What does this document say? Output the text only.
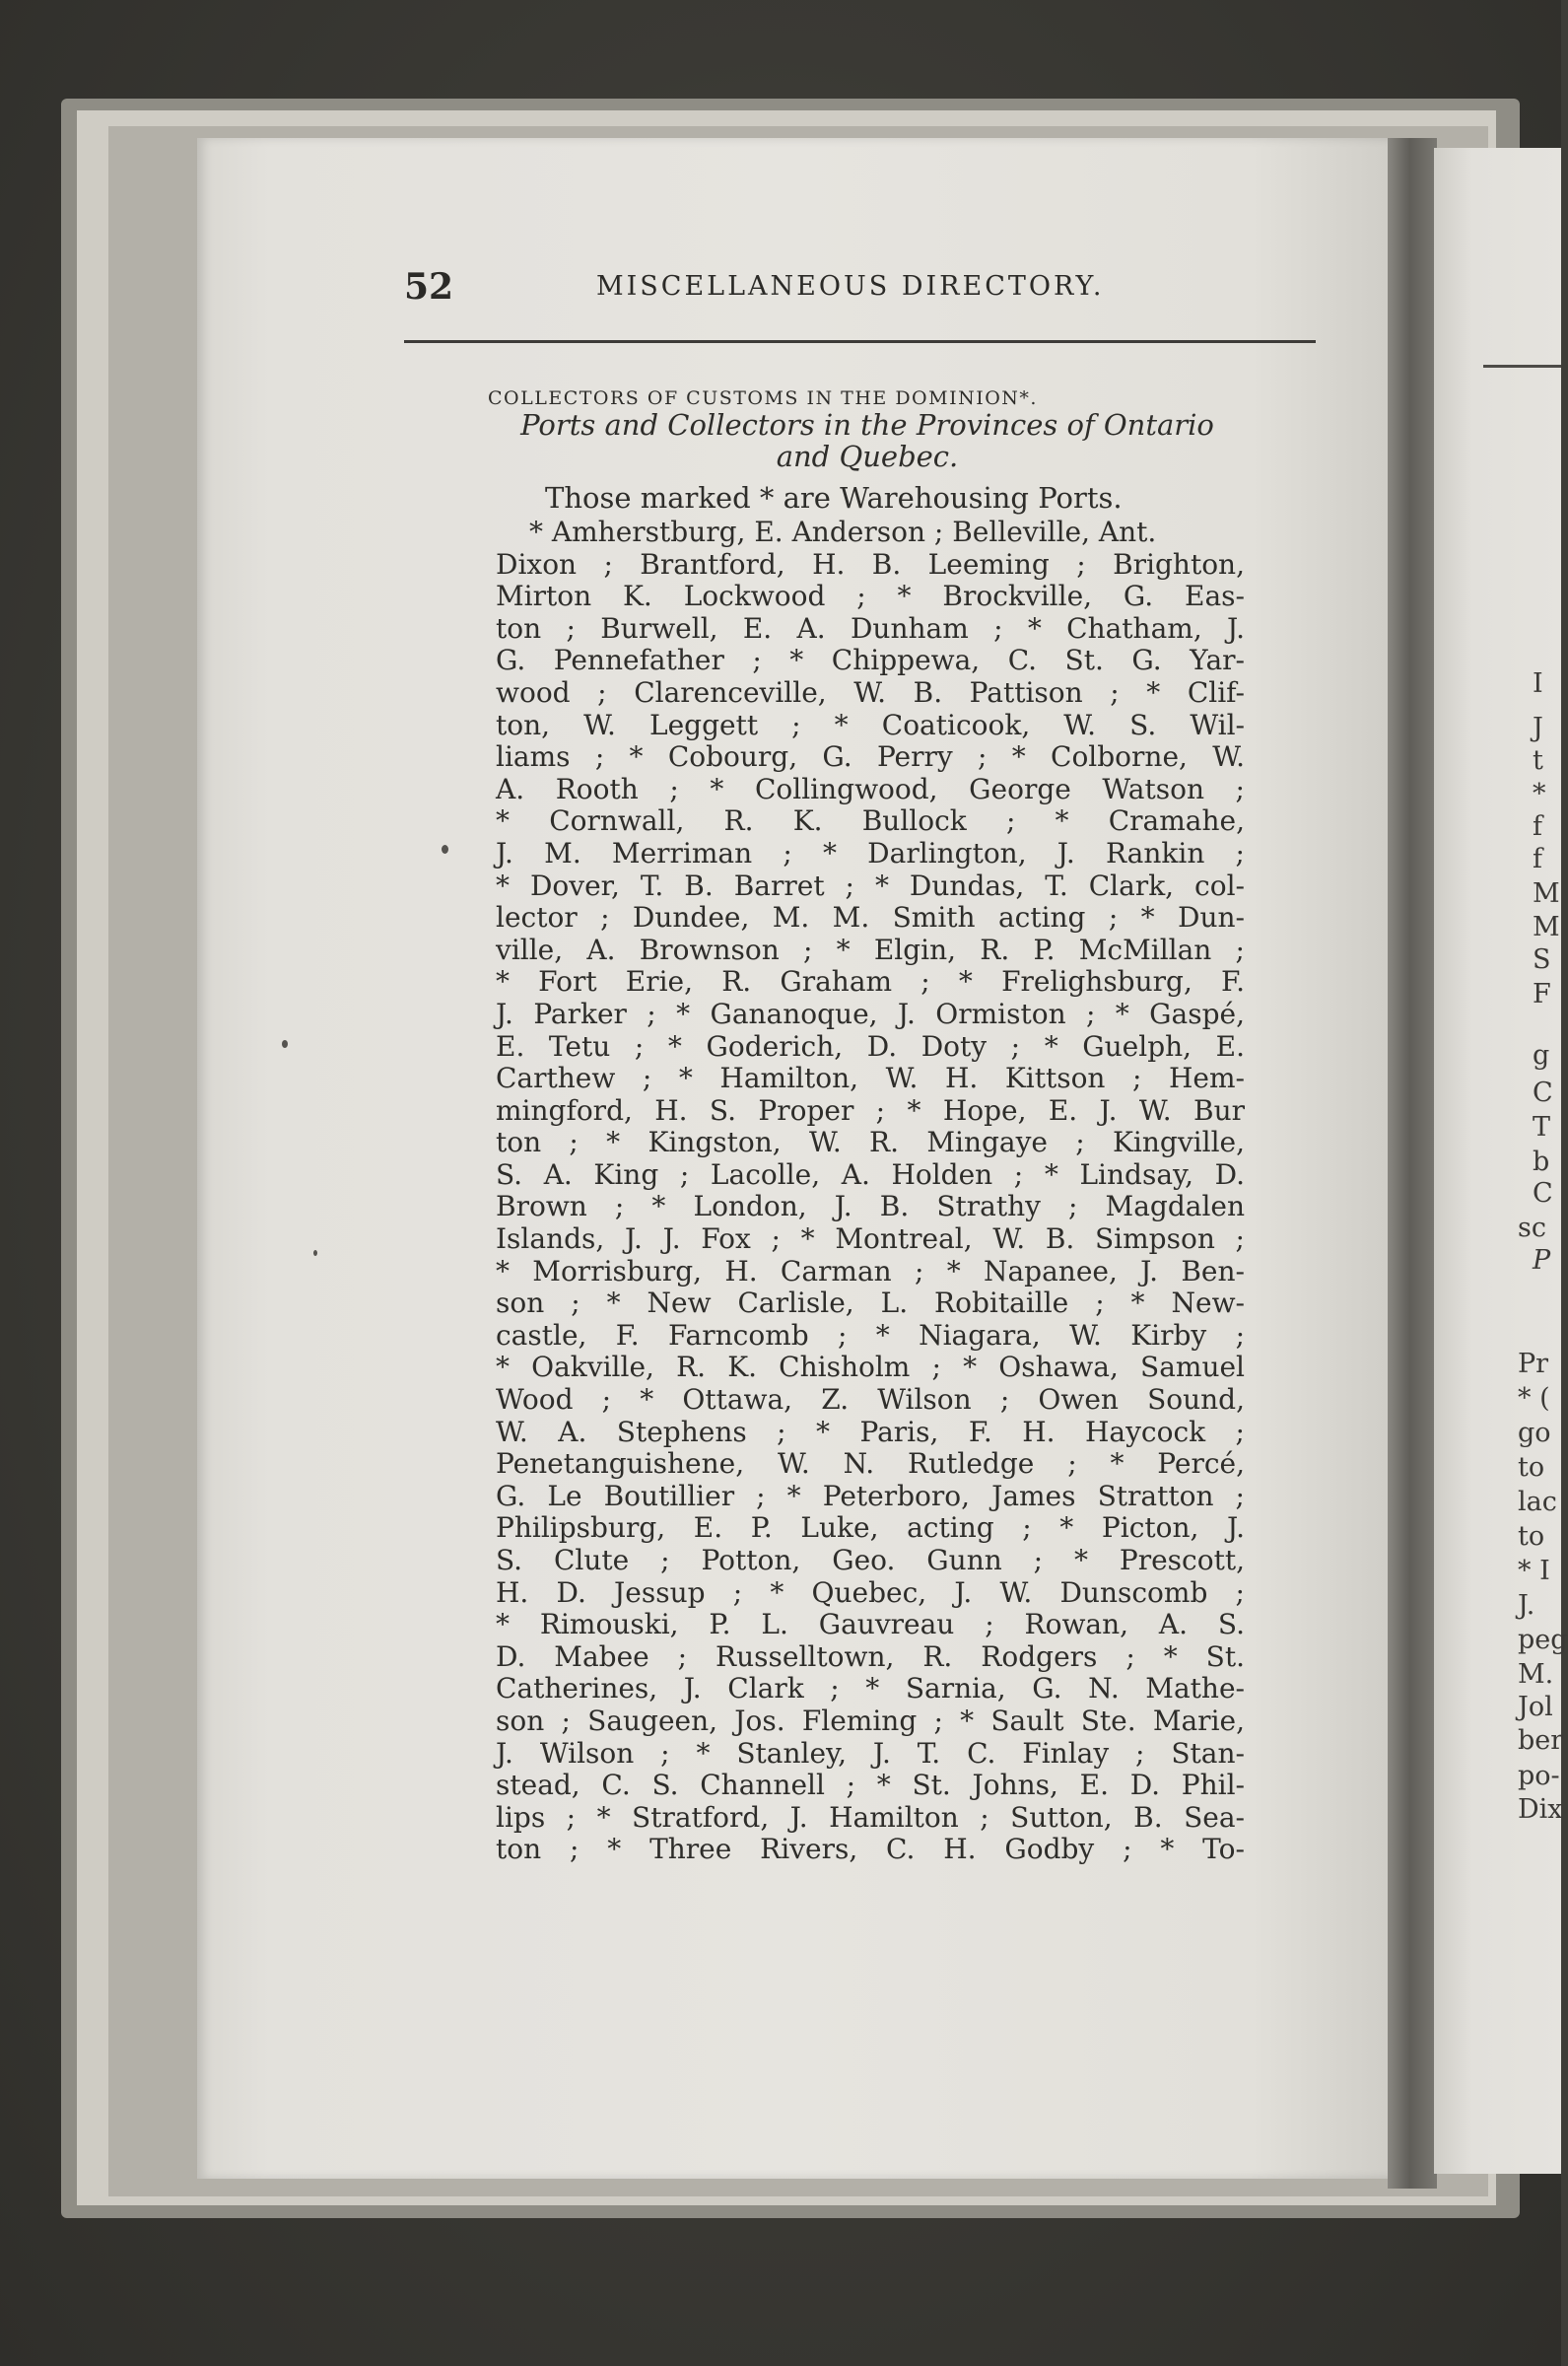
I
J
t
*
f
f
M
M
S
F
g
C
T
b
C
sc
P
Pr
* (
go
to
lac
to
* I
J.
peg
M.
Jol
ber
po-
Dix
52	MISCELLANEOUS DIRECTORY.
COLLECTORS OF CUSTOMS IN THE DOMINION*.
Ports and Collectors in the Provinces of Ontario
and Quebec.
Those marked * are Warehousing Ports.
* Amherstburg, E. Anderson ; Belleville, Ant.
Dixon ; Brantford, H. B. Leeming ; Brighton,
Mirton K. Lockwood ; * Brockville, G. Eas-
ton ; Burwell, E. A. Dunham ; * Chatham, J.
G. Pennefather ; * Chippewa, C. St. G. Yar-
wood ; Clarenceville, W. B. Pattison ; * Clif-
ton, W. Leggett ; * Coaticook, W. S. Wil-
liams ; * Cobourg, G. Perry ; * Colborne, W.
A. Rooth ; * Collingwood, George Watson ;
* Cornwall, R. K. Bullock ; * Cramahe,
J. M. Merriman ; * Darlington, J. Rankin ;
* Dover, T. B. Barret ; * Dundas, T. Clark, col-
lector ; Dundee, M. M. Smith acting ; * Dun-
ville, A. Brownson ; * Elgin, R. P. McMillan ;
* Fort Erie, R. Graham ; * Frelighsburg, F.
J. Parker ; * Gananoque, J. Ormiston ; * Gaspé,
E. Tetu ; * Goderich, D. Doty ; * Guelph, E.
Carthew ; * Hamilton, W. H. Kittson ; Hem-
mingford, H. S. Proper ; * Hope, E. J. W. Bur
ton ; * Kingston, W. R. Mingaye ; Kingville,
S. A. King ; Lacolle, A. Holden ; * Lindsay, D.
Brown ; * London, J. B. Strathy ; Magdalen
Islands, J. J. Fox ; * Montreal, W. B. Simpson ;
* Morrisburg, H. Carman ; * Napanee, J. Ben-
son ; * New Carlisle, L. Robitaille ; * New-
castle, F. Farncomb ; * Niagara, W. Kirby ;
* Oakville, R. K. Chisholm ; * Oshawa, Samuel
Wood ; * Ottawa, Z. Wilson ; Owen Sound,
W. A. Stephens ; * Paris, F. H. Haycock ;
Penetanguishene, W. N. Rutledge ; * Percé,
G. Le Boutillier ; * Peterboro, James Stratton ;
Philipsburg, E. P. Luke, acting ; * Picton, J.
S. Clute ; Potton, Geo. Gunn ; * Prescott,
H. D. Jessup ; * Quebec, J. W. Dunscomb ;
* Rimouski, P. L. Gauvreau ; Rowan, A. S.
D. Mabee ; Russelltown, R. Rodgers ; * St.
Catherines, J. Clark ; * Sarnia, G. N. Mathe-
son ; Saugeen, Jos. Fleming ; * Sault Ste. Marie,
J. Wilson ; * Stanley, J. T. C. Finlay ; Stan-
stead, C. S. Channell ; * St. Johns, E. D. Phil-
lips ; * Stratford, J. Hamilton ; Sutton, B. Sea-
ton ; * Three Rivers, C. H. Godby ; * To-
